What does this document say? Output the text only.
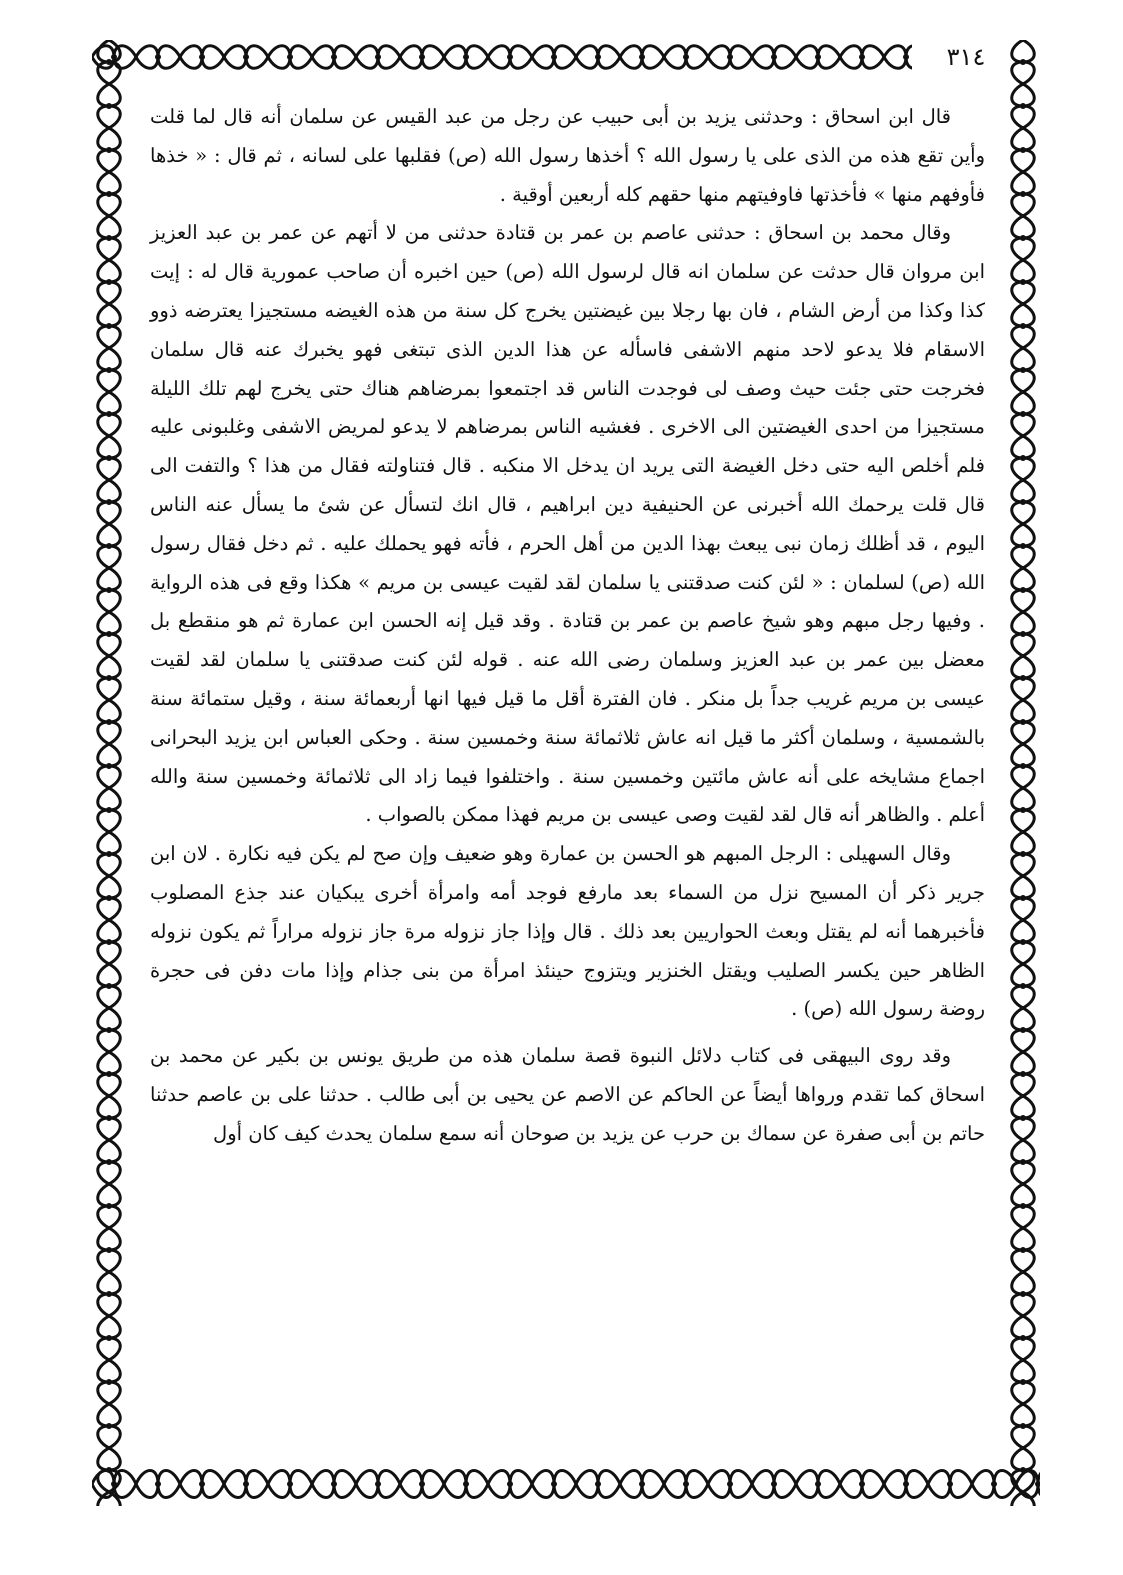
٣١٤

قال ابن اسحاق : وحدثنى يزيد بن أبى حبيب عن رجل من عبد القيس عن سلمان أنه قال لما قلت وأين تقع هذه من الذى على يا رسول الله ؟ أخذها رسول الله (ص) فقلبها على لسانه ، ثم قال : « خذها فأوفهم منها » فأخذتها فاوفيتهم منها حقهم كله أربعين أوقية .

وقال محمد بن اسحاق : حدثنى عاصم بن عمر بن قتادة حدثنى من لا أتهم عن عمر بن عبد العزيز ابن مروان قال حدثت عن سلمان انه قال لرسول الله (ص) حين اخبره أن صاحب عمورية قال له : إيت كذا وكذا من أرض الشام ، فان بها رجلا بين غيضتين يخرج كل سنة من هذه الغيضه مستجيزا يعترضه ذوو الاسقام فلا يدعو لاحد منهم الاشفى فاسأله عن هذا الدين الذى تبتغى فهو يخبرك عنه قال سلمان فخرجت حتى جئت حيث وصف لى فوجدت الناس قد اجتمعوا بمرضاهم هناك حتى يخرج لهم تلك الليلة مستجيزا من احدى الغيضتين الى الاخرى . فغشيه الناس بمرضاهم لا يدعو لمريض الاشفى وغلبونى عليه فلم أخلص اليه حتى دخل الغيضة التى يريد ان يدخل الا منكبه . قال فتناولته فقال من هذا ؟ والتفت الى قال قلت يرحمك الله أخبرنى عن الحنيفية دين ابراهيم ، قال انك لتسأل عن شئ ما يسأل عنه الناس اليوم ، قد أظلك زمان نبى يبعث بهذا الدين من أهل الحرم ، فأته فهو يحملك عليه . ثم دخل فقال رسول الله (ص) لسلمان : « لئن كنت صدقتنى يا سلمان لقد لقيت عيسى بن مريم » هكذا وقع فى هذه الرواية . وفيها رجل مبهم وهو شيخ عاصم بن عمر بن قتادة . وقد قيل إنه الحسن ابن عمارة ثم هو منقطع بل معضل بين عمر بن عبد العزيز وسلمان رضى الله عنه . قوله لئن كنت صدقتنى يا سلمان لقد لقيت عيسى بن مريم غريب جداً بل منكر . فان الفترة أقل ما قيل فيها انها أربعمائة سنة ، وقيل ستمائة سنة بالشمسية ، وسلمان أكثر ما قيل انه عاش ثلاثمائة سنة وخمسين سنة . وحكى العباس ابن يزيد البحرانى اجماع مشايخه على أنه عاش مائتين وخمسين سنة . واختلفوا فيما زاد الى ثلاثمائة وخمسين سنة والله أعلم . والظاهر أنه قال لقد لقيت وصى عيسى بن مريم فهذا ممكن بالصواب .

وقال السهيلى : الرجل المبهم هو الحسن بن عمارة وهو ضعيف وإن صح لم يكن فيه نكارة . لان ابن جرير ذكر أن المسيح نزل من السماء بعد مارفع فوجد أمه وامرأة أخرى يبكيان عند جذع المصلوب فأخبرهما أنه لم يقتل وبعث الحواريين بعد ذلك . قال وإذا جاز نزوله مرة جاز نزوله مراراً ثم يكون نزوله الظاهر حين يكسر الصليب ويقتل الخنزير ويتزوج حينئذ امرأة من بنى جذام وإذا مات دفن فى حجرة روضة رسول الله (ص) .

وقد روى البيهقى فى كتاب دلائل النبوة قصة سلمان هذه من طريق يونس بن بكير عن محمد بن اسحاق كما تقدم ورواها أيضاً عن الحاكم عن الاصم عن يحيى بن أبى طالب . حدثنا على بن عاصم حدثنا حاتم بن أبى صفرة عن سماك بن حرب عن يزيد بن صوحان أنه سمع سلمان يحدث كيف كان أول
